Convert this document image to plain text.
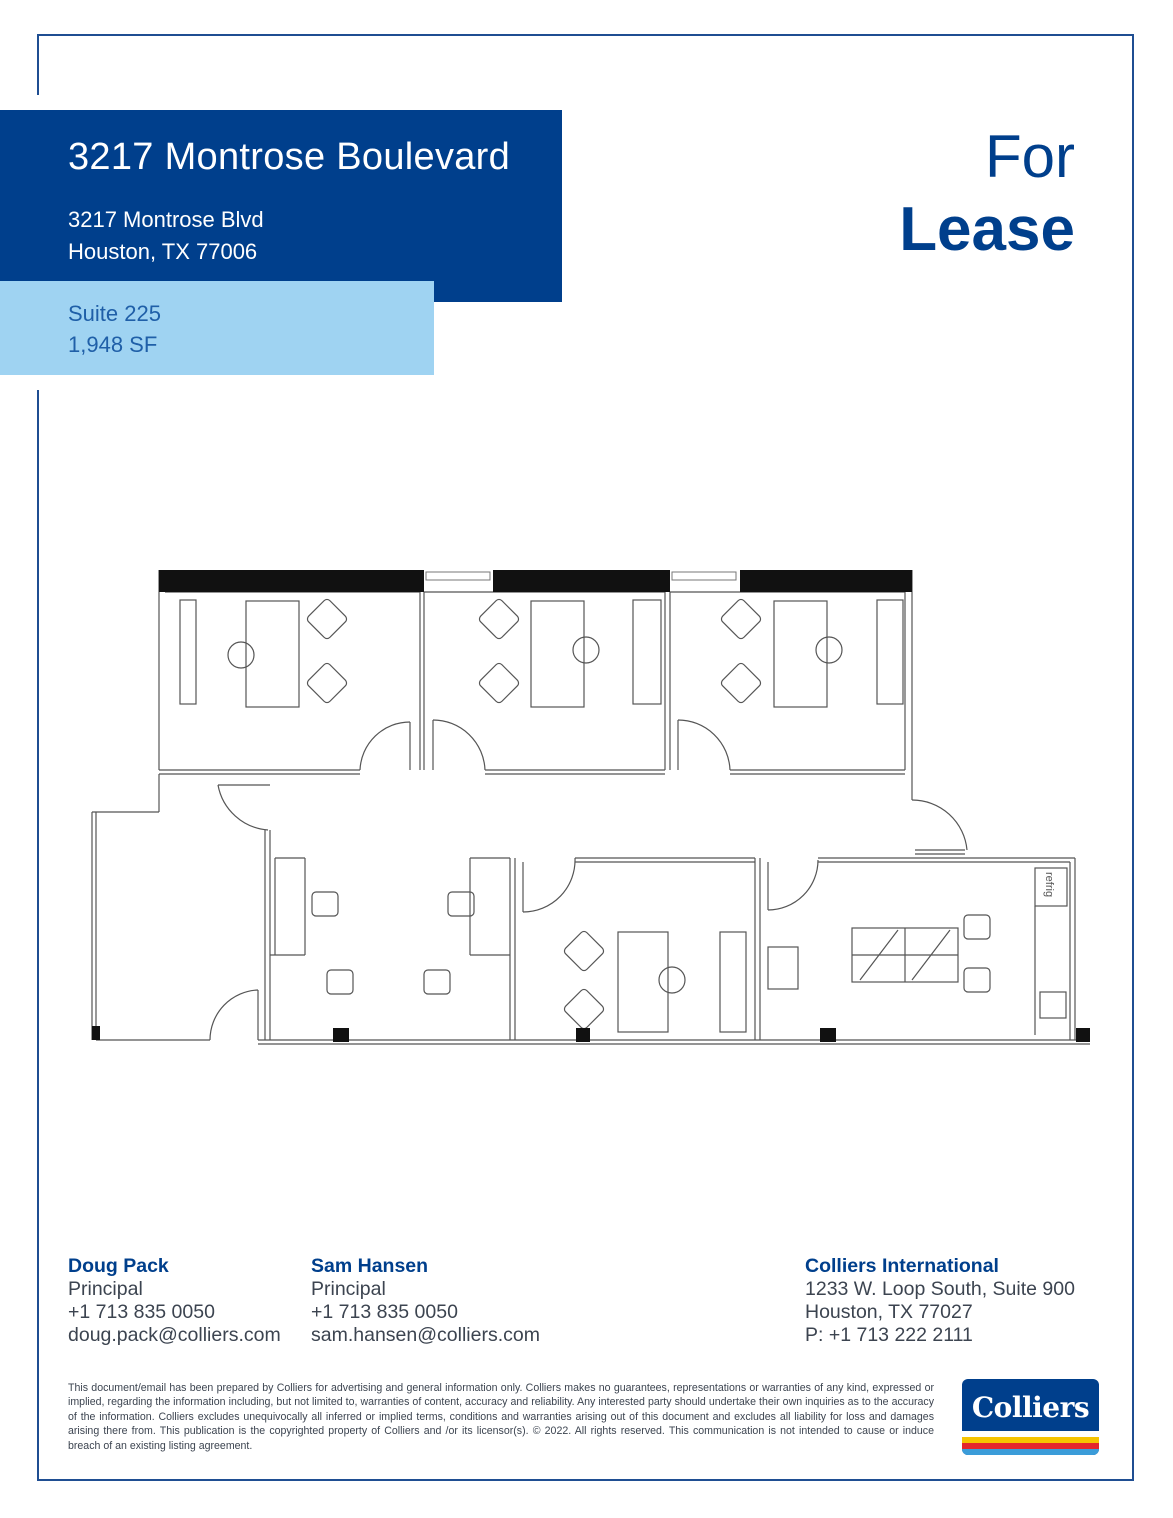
3217 Montrose Boulevard
3217 Montrose Blvd
Houston, TX 77006
Suite 225
1,948 SF
For
Lease
refrig
Doug Pack
Principal
+1 713 835 0050
doug.pack@colliers.com
Sam Hansen
Principal
+1 713 835 0050
sam.hansen@colliers.com
Colliers International
1233 W. Loop South, Suite 900
Houston, TX 77027
P: +1 713 222 2111
This document/email has been prepared by Colliers for advertising and general information only. Colliers makes no guarantees, representations or warranties of any kind, expressed or implied, regarding the information including, but not limited to, warranties of content, accuracy and reliability. Any interested party should undertake their own inquiries as to the accuracy of the information. Colliers excludes unequivocally all inferred or implied terms, conditions and warranties arising out of this document and excludes all liability for loss and damages arising there from. This publication is the copyrighted property of Colliers and /or its licensor(s). © 2022. All rights reserved. This communication is not intended to cause or induce breach of an existing listing agreement.
Colliers
